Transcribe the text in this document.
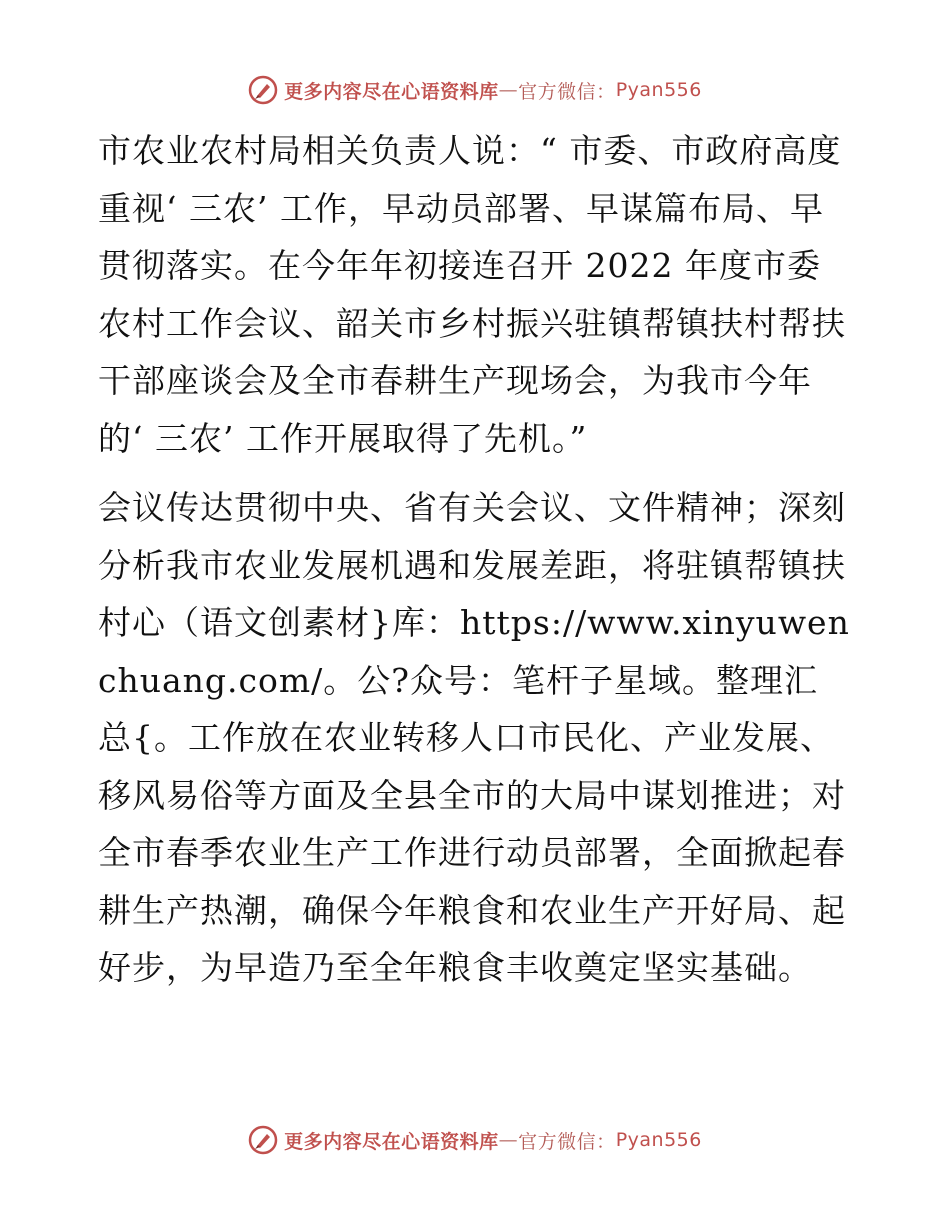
更多内容尽在心语资料库 — 官方微信： Pyan556

市农业农村局相关负责人说：“ 市委、市政府高度重视‘ 三农’ 工作，早动员部署、早谋篇布局、早贯彻落实。在今年年初接连召开 2022 年度市委农村工作会议、韶关市乡村振兴驻镇帮镇扶村帮扶干部座谈会及全市春耕生产现场会，为我市今年的‘ 三农’ 工作开展取得了先机。”

会议传达贯彻中央、省有关会议、文件精神；深刻分析我市农业发展机遇和发展差距，将驻镇帮镇扶村心（语文创素材}库：https://www.xinyuwenchuang.com/。公?众号：笔杆子星域。整理汇总{。工作放在农业转移人口市民化、产业发展、移风易俗等方面及全县全市的大局中谋划推进；对全市春季农业生产工作进行动员部署，全面掀起春耕生产热潮，确保今年粮食和农业生产开好局、起好步，为早造乃至全年粮食丰收奠定坚实基础。

更多内容尽在心语资料库 — 官方微信： Pyan556
